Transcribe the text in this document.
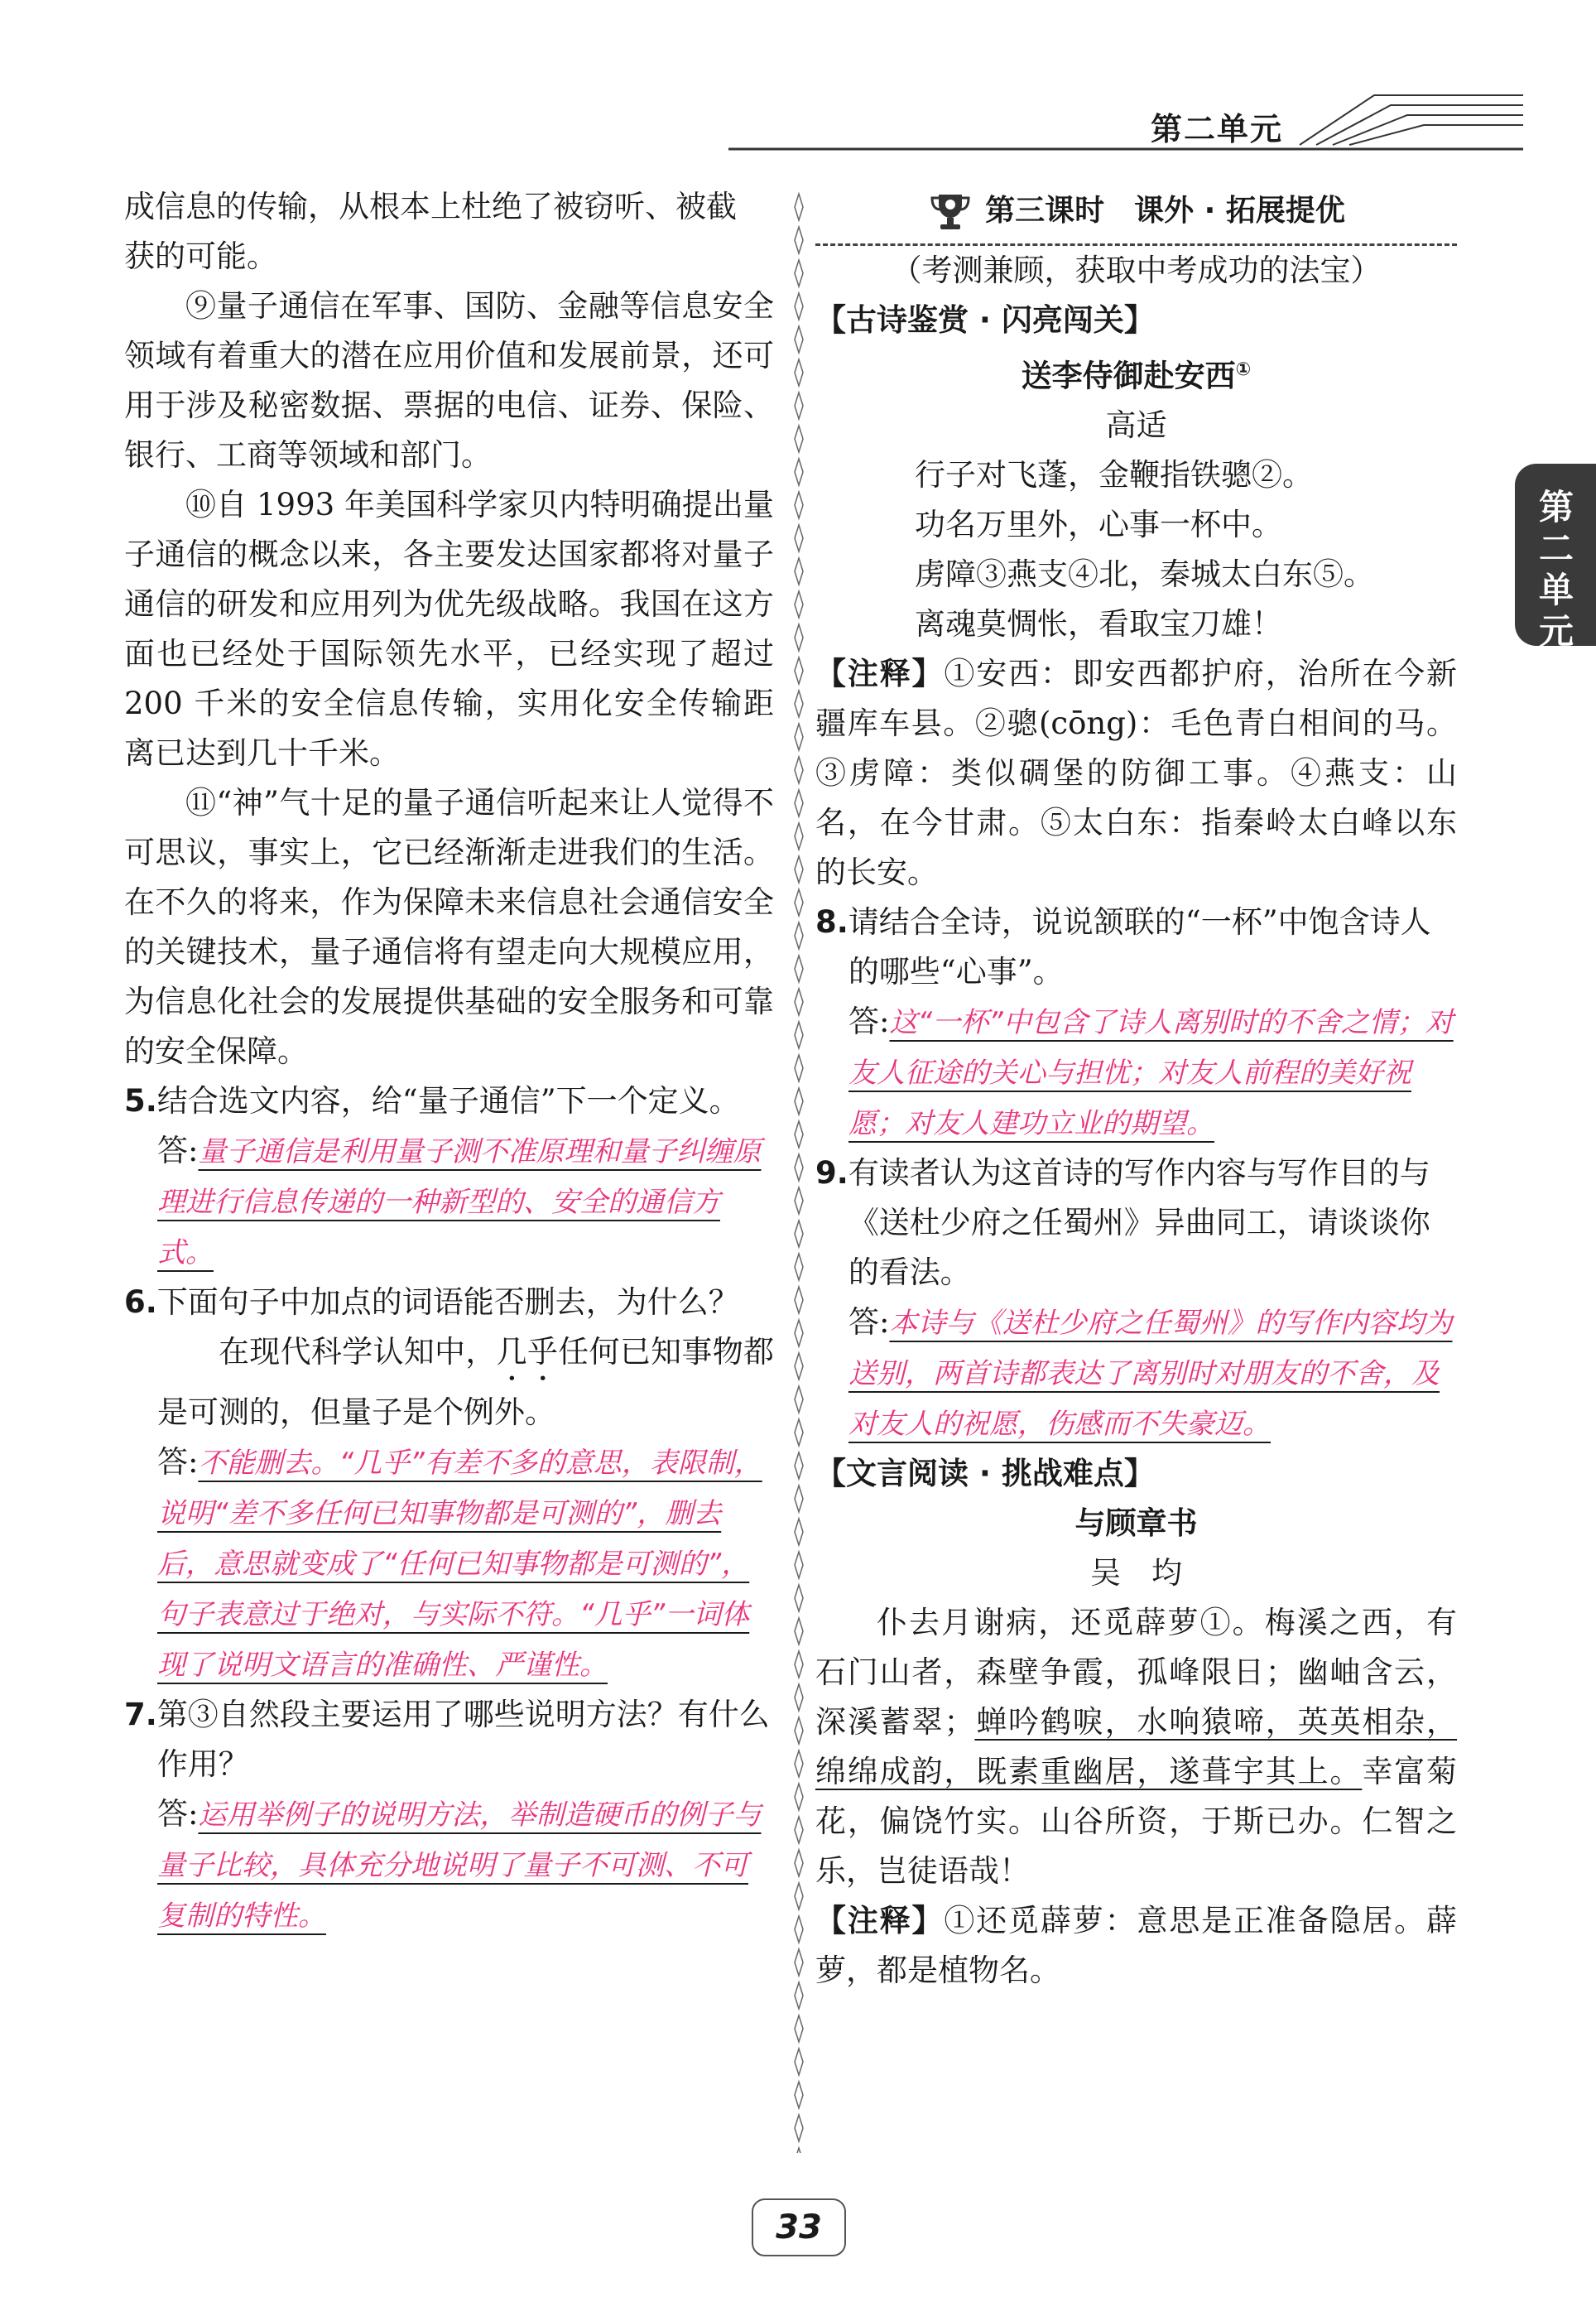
第二单元
第二单元

成信息的传输，从根本上杜绝了被窃听、被截

获的可能。

⑨量子通信在军事、国防、金融等信息安全领域有着重大的潜在应用价值和发展前景，还可用于涉及秘密数据、票据的电信、证券、保险、银行、工商等领域和部门。

⑩自 1993 年美国科学家贝内特明确提出量子通信的概念以来，各主要发达国家都将对量子通信的研发和应用列为优先级战略。我国在这方面也已经处于国际领先水平，已经实现了超过 200 千米的安全信息传输，实用化安全传输距离已达到几十千米。

⑪“神”气十足的量子通信听起来让人觉得不可思议，事实上，它已经渐渐走进我们的生活。在不久的将来，作为保障未来信息社会通信安全的关键技术，量子通信将有望走向大规模应用，为信息化社会的发展提供基础的安全服务和可靠的安全保障。

5. 结合选文内容，给“量子通信”下一个定义。

答:量子通信是利用量子测不准原理和量子纠缠原理进行信息传递的一种新型的、安全的通信方式。

6. 下面句子中加点的词语能否删去，为什么？

在现代科学认知中，几乎任何已知事物都是可测的，但量子是个例外。

答:不能删去。“几乎”有差不多的意思，表限制，说明“差不多任何已知事物都是可测的”，删去后，意思就变成了“任何已知事物都是可测的”，句子表意过于绝对，与实际不符。“几乎”一词体现了说明文语言的准确性、严谨性。

7. 第③自然段主要运用了哪些说明方法？有什么作用？

答:运用举例子的说明方法，举制造硬币的例子与量子比较，具体充分地说明了量子不可测、不可复制的特性。

第三课时　课外 · 拓展提优

（考测兼顾，获取中考成功的法宝）

【古诗鉴赏 · 闪亮闯关】

送李侍御赴安西①

高适

行子对飞蓬，金鞭指铁骢②。

功名万里外，心事一杯中。

虏障③燕支④北，秦城太白东⑤。

离魂莫惆怅，看取宝刀雄！

【注释】①安西：即安西都护府，治所在今新疆库车县。②骢(cōng)：毛色青白相间的马。③虏障：类似碉堡的防御工事。④燕支：山名，在今甘肃。⑤太白东：指秦岭太白峰以东的长安。

8. 请结合全诗，说说颔联的“一杯”中饱含诗人的哪些“心事”。

答:这“一杯”中包含了诗人离别时的不舍之情；对友人征途的关心与担忧；对友人前程的美好祝愿；对友人建功立业的期望。

9. 有读者认为这首诗的写作内容与写作目的与《送杜少府之任蜀州》异曲同工，请谈谈你的看法。

答:本诗与《送杜少府之任蜀州》的写作内容均为送别，两首诗都表达了离别时对朋友的不舍，及对友人的祝愿，伤感而不失豪迈。

【文言阅读 · 挑战难点】

与顾章书

吴　均

仆去月谢病，还觅薜萝①。梅溪之西，有石门山者，森壁争霞，孤峰限日；幽岫含云，深溪蓄翠；蝉吟鹤唳，水响猿啼，英英相杂，绵绵成韵，既素重幽居，遂葺宇其上。幸富菊花，偏饶竹实。山谷所资，于斯已办。仁智之乐，岂徒语哉！

【注释】①还觅薜萝：意思是正准备隐居。薜萝，都是植物名。

33
